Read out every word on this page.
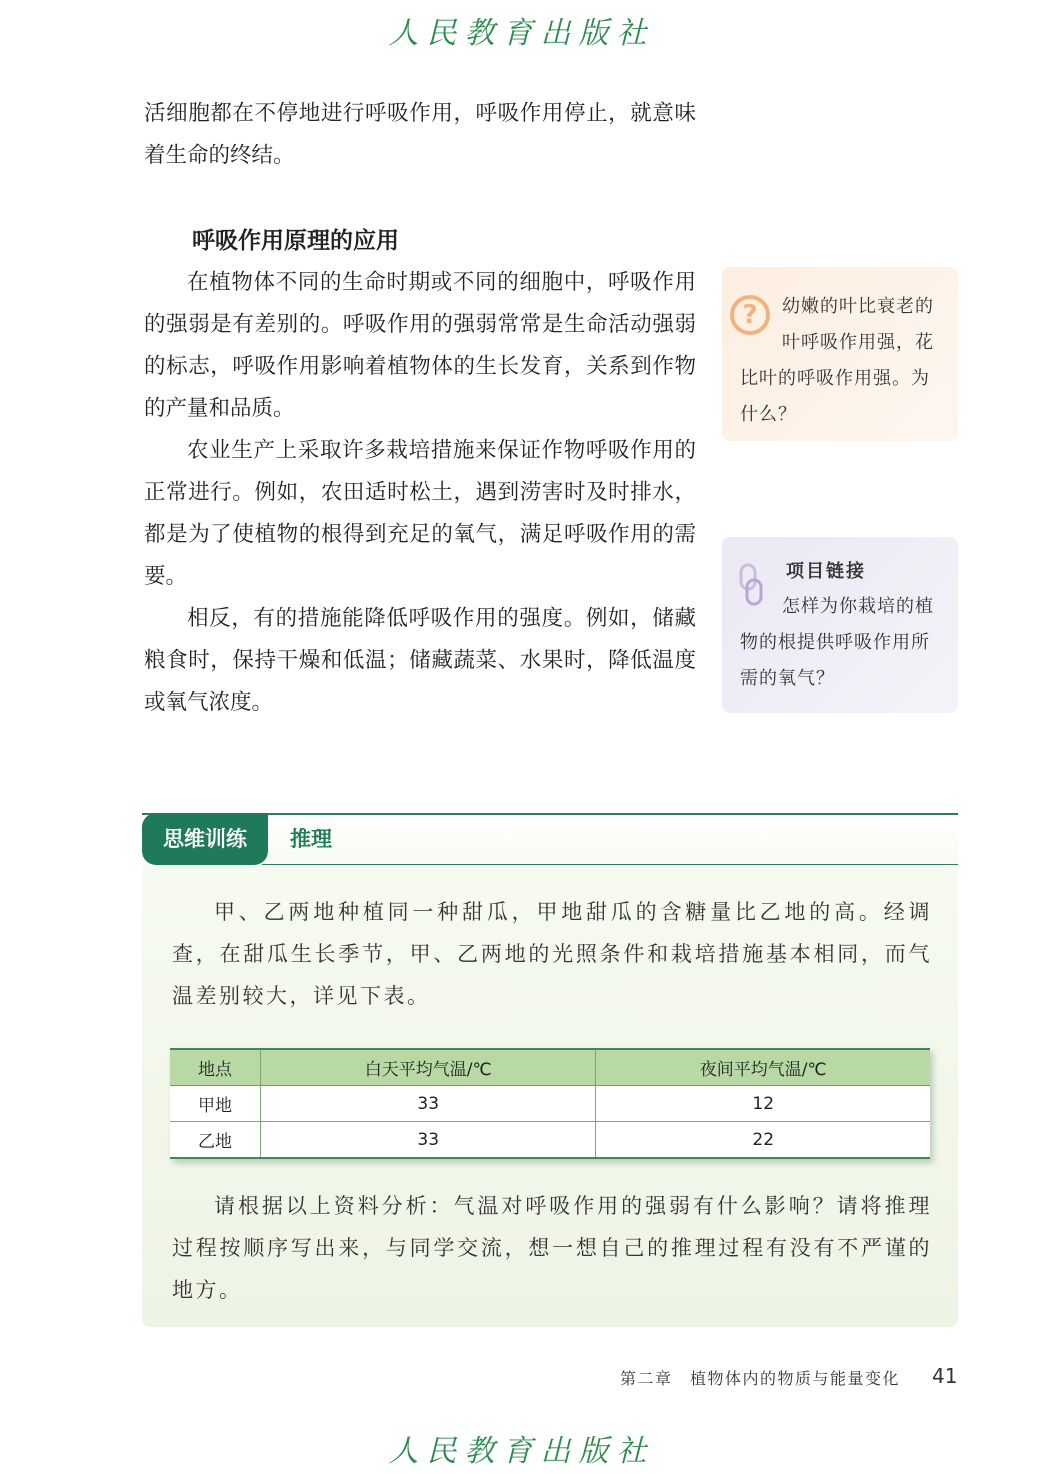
人民教育出版社

活细胞都在不停地进行呼吸作用，呼吸作用停止，就意味着生命的终结。

呼吸作用原理的应用

在植物体不同的生命时期或不同的细胞中，呼吸作用的强弱是有差别的。呼吸作用的强弱常常是生命活动强弱的标志，呼吸作用影响着植物体的生长发育，关系到作物的产量和品质。

农业生产上采取许多栽培措施来保证作物呼吸作用的正常进行。例如，农田适时松土，遇到涝害时及时排水，都是为了使植物的根得到充足的氧气，满足呼吸作用的需要。

相反，有的措施能降低呼吸作用的强度。例如，储藏粮食时，保持干燥和低温；储藏蔬菜、水果时，降低温度或氧气浓度。

?	幼嫩的叶比衰老的叶呼吸作用强，花比叶的呼吸作用强。为什么？
项目链接
怎样为你栽培的植物的根提供呼吸作用所需的氧气？
思维训练	推理

甲、乙两地种植同一种甜瓜，甲地甜瓜的含糖量比乙地的高。经调查，在甜瓜生长季节，甲、乙两地的光照条件和栽培措施基本相同，而气温差别较大，详见下表。

地点	白天平均气温/℃	夜间平均气温/℃
甲地	33	12
乙地	33	22

请根据以上资料分析：气温对呼吸作用的强弱有什么影响？请将推理过程按顺序写出来，与同学交流，想一想自己的推理过程有没有不严谨的地方。

第二章　植物体内的物质与能量变化 41

人民教育出版社
